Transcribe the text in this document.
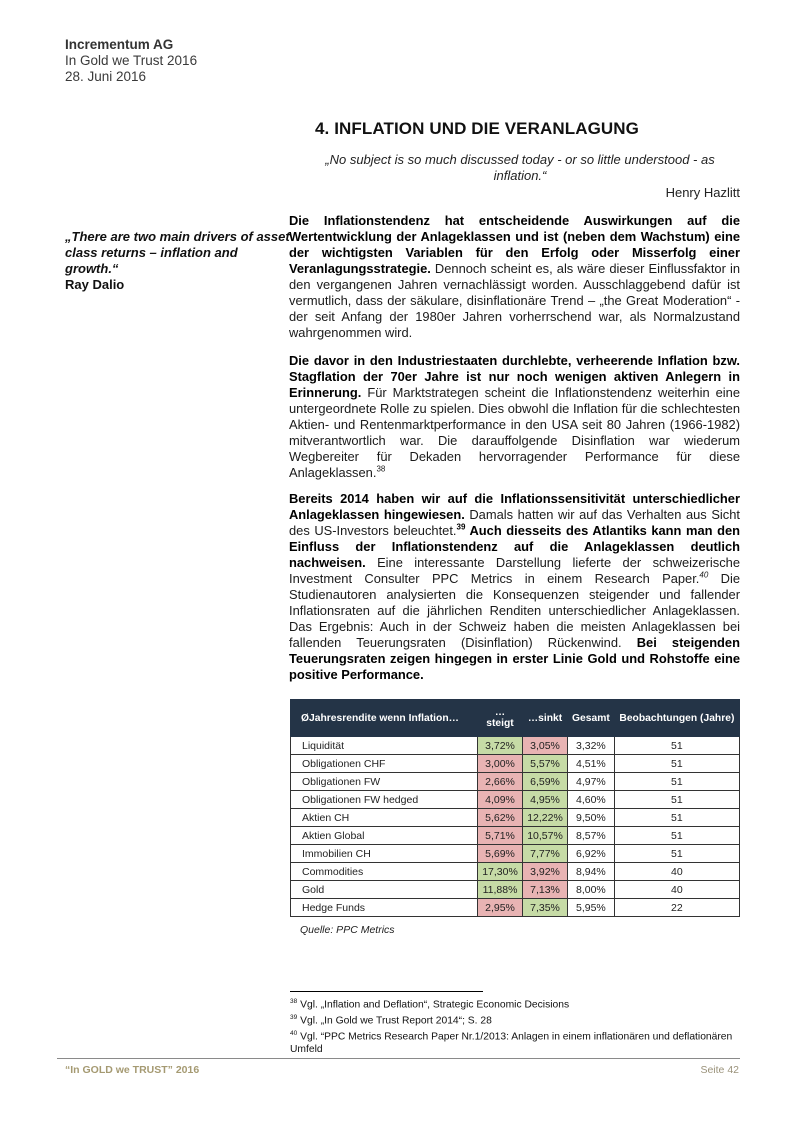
Incrementum AG
In Gold we Trust 2016
28. Juni 2016
4. INFLATION UND DIE VERANLAGUNG
„No subject is so much discussed today - or so little understood - as inflation.“
Henry Hazlitt
„There are two main drivers of asset class returns – inflation and growth.“
Ray Dalio
Die Inflationstendenz hat entscheidende Auswirkungen auf die Wertentwicklung der Anlageklassen und ist (neben dem Wachstum) eine der wichtigsten Variablen für den Erfolg oder Misserfolg einer Veranlagungsstrategie. Dennoch scheint es, als wäre dieser Einflussfaktor in den vergangenen Jahren vernachlässigt worden. Ausschlaggebend dafür ist vermutlich, dass der säkulare, disinflationäre Trend – „the Great Moderation“ - der seit Anfang der 1980er Jahren vorherrschend war, als Normalzustand wahrgenommen wird.
Die davor in den Industriestaaten durchlebte, verheerende Inflation bzw. Stagflation der 70er Jahre ist nur noch wenigen aktiven Anlegern in Erinnerung. Für Marktstrategen scheint die Inflationstendenz weiterhin eine untergeordnete Rolle zu spielen. Dies obwohl die Inflation für die schlechtesten Aktien- und Rentenmarktperformance in den USA seit 80 Jahren (1966-1982) mitverantwortlich war. Die darauffolgende Disinflation war wiederum Wegbereiter für Dekaden hervorragender Performance für diese Anlageklassen.$^{38}$
Bereits 2014 haben wir auf die Inflationssensitivität unterschiedlicher Anlageklassen hingewiesen. Damals hatten wir auf das Verhalten aus Sicht des US-Investors beleuchtet.$^{39}$ Auch diesseits des Atlantiks kann man den Einfluss der Inflationstendenz auf die Anlageklassen deutlich nachweisen. Eine interessante Darstellung lieferte der schweizerische Investment Consulter PPC Metrics in einem Research Paper.$^{40}$ Die Studienautoren analysierten die Konsequenzen steigender und fallender Inflationsraten auf die jährlichen Renditen unterschiedlicher Anlageklassen. Das Ergebnis: Auch in der Schweiz haben die meisten Anlageklassen bei fallenden Teuerungsraten (Disinflation) Rückenwind. Bei steigenden Teuerungsraten zeigen hingegen in erster Linie Gold und Rohstoffe eine positive Performance.
ØJahresrendite wenn Inflation…	…steigt	…sinkt	Gesamt	Beobachtungen (Jahre)
Liquidität	3,72%	3,05%	3,32%	51
Obligationen CHF	3,00%	5,57%	4,51%	51
Obligationen FW	2,66%	6,59%	4,97%	51
Obligationen FW hedged	4,09%	4,95%	4,60%	51
Aktien CH	5,62%	12,22%	9,50%	51
Aktien Global	5,71%	10,57%	8,57%	51
Immobilien CH	5,69%	7,77%	6,92%	51
Commodities	17,30%	3,92%	8,94%	40
Gold	11,88%	7,13%	8,00%	40
Hedge Funds	2,95%	7,35%	5,95%	22
Quelle: PPC Metrics
$^{38}$ Vgl. „Inflation and Deflation“, Strategic Economic Decisions
$^{39}$ Vgl. „In Gold we Trust Report 2014“; S. 28
$^{40}$ Vgl. “PPC Metrics Research Paper Nr.1/2013: Anlagen in einem inflationären und deflationären Umfeld
“In GOLD we TRUST” 2016	Seite 42
